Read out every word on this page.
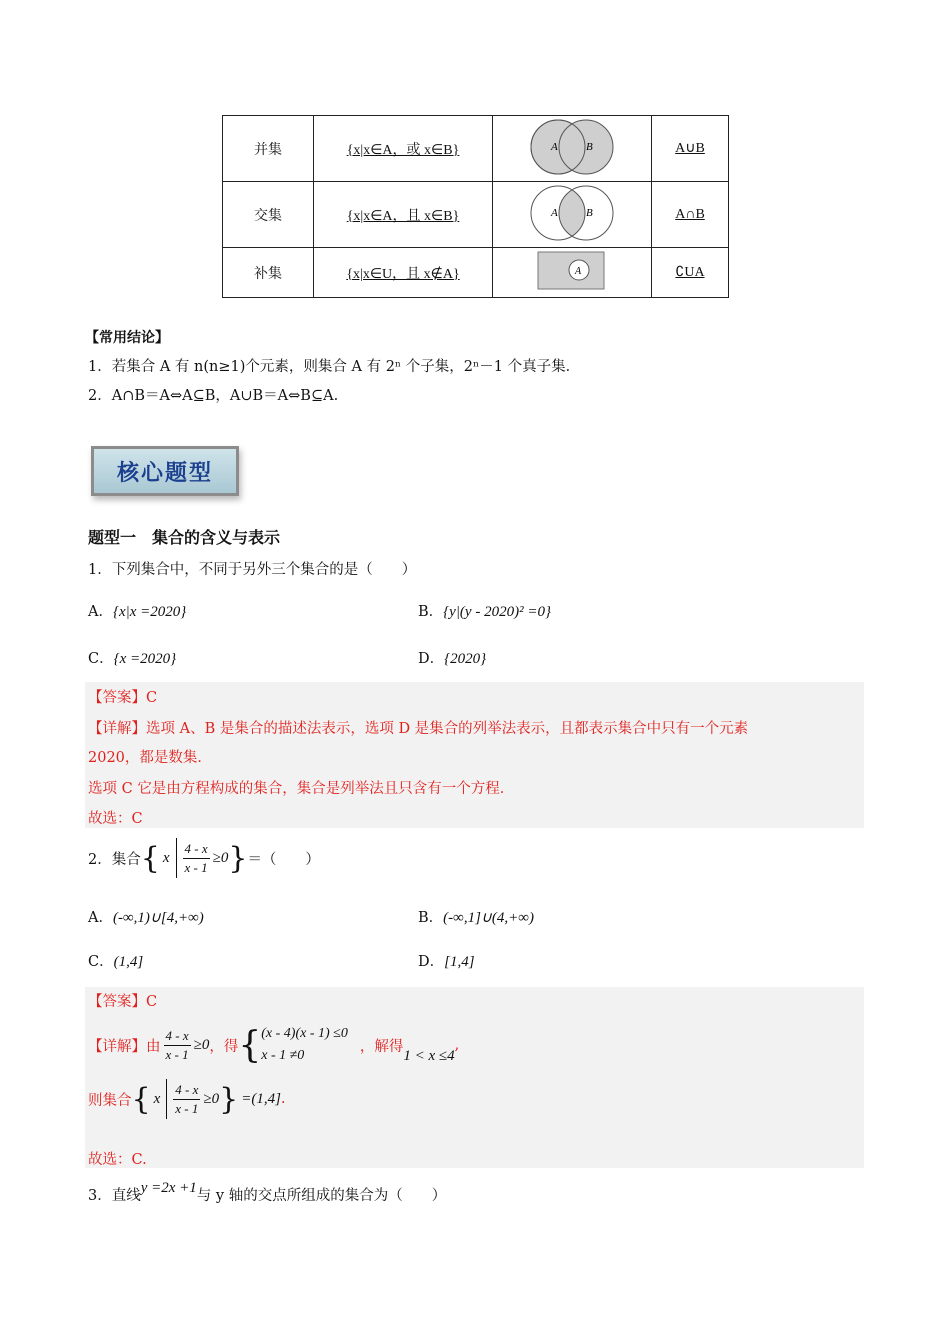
并集	{x|x∈A，或 x∈B}	A B	A∪B
交集	{x|x∈A，且 x∈B}	A B	A∩B
补集	{x|x∈U，且 x∉A}	A	∁UA
【常用结论】
1．若集合 A 有 n(n≥1)个元素，则集合 A 有 2ⁿ 个子集，2ⁿ－1 个真子集．
2．A∩B＝A⇔A⊆B，A∪B＝A⇔B⊆A.
核心题型
题型一　集合的含义与表示
1．下列集合中，不同于另外三个集合的是（　　）
A．{x|x =2020}	B．{y|(y - 2020)² =0}
C．{x =2020}	D．{2020}
【答案】C
【详解】选项 A、B 是集合的描述法表示，选项 D 是集合的列举法表示，且都表示集合中只有一个元素
2020，都是数集．
选项 C 它是由方程构成的集合，集合是列举法且只含有一个方程．
故选：C
2．集合 { x $\frac{4 - x}{x - 1} \ge 0$ } ＝（　　）
A．(-∞,1)∪[4,+∞)	B．(-∞,1]∪(4,+∞)
C．(1,4]	D．[1,4]
【答案】C
【详解】由 $\frac{4 - x}{x - 1} \ge 0$ ，得 { (x - 4)(x - 1) ≤0
x - 1 ≠0
，解得
1 < x ≤4
,
则集合 { x $\frac{4 - x}{x - 1} \ge 0$ } =(1,4] .
故选：C.
3．直线 y =2x +1 与 y 轴的交点所组成的集合为（　　）
